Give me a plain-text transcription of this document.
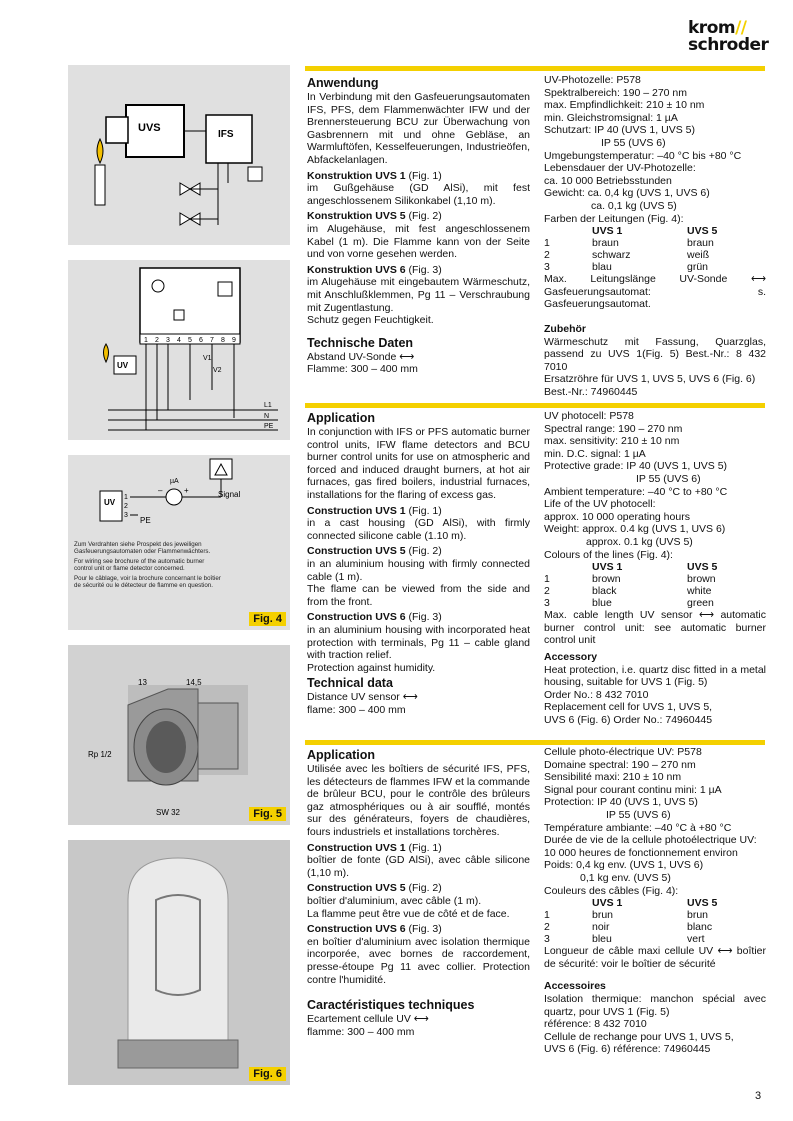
krom//
schroder
UVS
IFS
1 2 3 4 5 6 7 8 9
UV
V1
V2
L1
N
PE
Signal
UV
1
2
3
µA
–	+
PE

Zum Verdrahten siehe Prospekt des jeweiligen Gasfeuerungsautomaten oder Flammenwächters.

For wiring see brochure of the automatic burner control unit or flame detector concerned.

Pour le câblage, voir la brochure concernant le boîtier de sécurité ou le détecteur de flamme en question.

Fig. 4
13	14,5
Rp 1/2
SW 32	Fig. 5
Fig. 6

Anwendung

In Verbindung mit den Gasfeuerungsautomaten IFS, PFS, dem Flammenwächter IFW und der Brennersteuerung BCU zur Überwachung von Gasbrennern mit und ohne Gebläse, an Warmluftöfen, Kesselfeuerungen, Industrieöfen, Abfackelanlagen.

Konstruktion UVS 1 (Fig. 1)

im Gußgehäuse (GD AlSi), mit fest angeschlossenem Silikonkabel (1,10 m).

Konstruktion UVS 5 (Fig. 2)

im Alugehäuse, mit fest angeschlossenem Kabel (1 m). Die Flamme kann von der Seite und von vorne gesehen werden.

Konstruktion UVS 6 (Fig. 3)

im Alugehäuse mit eingebautem Wärmeschutz, mit Anschlußklemmen, Pg 11 – Verschraubung mit Zugentlastung.

Schutz gegen Feuchtigkeit.

Technische Daten

Abstand UV-Sonde ⟷

Flamme: 300 – 400 mm

UV-Photozelle: P578

Spektralbereich: 190 – 270 nm

max. Empfindlichkeit: 210 ± 10 nm

min. Gleichstromsignal: 1 µA

Schutzart: IP 40 (UVS 1, UVS 5)

IP 55 (UVS 6)

Umgebungstemperatur: –40 °C bis +80 °C

Lebensdauer der UV-Photozelle:

ca. 10 000 Betriebsstunden

Gewicht: ca. 0,4 kg (UVS 1, UVS 6)

ca. 0,1 kg (UVS 5)

Farben der Leitungen (Fig. 4):

	UVS 1	UVS 5
1	braun	braun
2	schwarz	weiß
3	blau	grün

Max. Leitungslänge UV-Sonde ⟷ Gasfeuerungsautomat: s. Gasfeuerungsautomat.

Zubehör

Wärmeschutz mit Fassung, Quarzglas, passend zu UVS 1(Fig. 5) Best.-Nr.: 8 432 7010

Ersatzröhre für UVS 1, UVS 5, UVS 6 (Fig. 6)

Best.-Nr.: 74960445

Application

In conjunction with IFS or PFS automatic burner control units, IFW flame detectors and BCU burner control units for use on atmospheric and forced and induced draught burners, at hot air furnaces, gas fired boilers, industrial furnaces, installations for the flaring of excess gas.

Construction UVS 1 (Fig. 1)

in a cast housing (GD AlSi), with firmly connected silicone cable (1.10 m).

Construction UVS 5 (Fig. 2)

in an aluminium housing with firmly connected cable (1 m).

The flame can be viewed from the side and from the front.

Construction UVS 6 (Fig. 3)

in an aluminium housing with incorporated heat protection with terminals, Pg 11 – cable gland with traction relief.

Protection against humidity.

Technical data

Distance UV sensor ⟷

flame: 300 – 400 mm

UV photocell: P578

Spectral range: 190 – 270 nm

max. sensitivity: 210 ± 10 nm

min. D.C. signal: 1 µA

Protective grade: IP 40 (UVS 1, UVS 5)

IP 55 (UVS 6)

Ambient temperature: –40 °C to +80 °C

Life of the UV photocell:

approx. 10 000 operating hours

Weight: approx. 0.4 kg (UVS 1, UVS 6)

approx. 0.1 kg (UVS 5)

Colours of the lines (Fig. 4):

	UVS 1	UVS 5
1	brown	brown
2	black	white
3	blue	green

Max. cable length UV sensor ⟷ automatic burner control unit: see automatic burner control unit

Accessory

Heat protection, i.e. quartz disc fitted in a metal housing, suitable for UVS 1 (Fig. 5)

Order No.: 8 432 7010

Replacement cell for UVS 1, UVS 5,

UVS 6 (Fig. 6) Order No.: 74960445

Application

Utilisée avec les boîtiers de sécurité IFS, PFS, les détecteurs de flammes IFW et la commande de brûleur BCU, pour le contrôle des brûleurs gaz atmosphériques ou à air soufflé, montés sur des générateurs, foyers de chaudières, fours industriels et installations torchères.

Construction UVS 1 (Fig. 1)

boîtier de fonte (GD AlSi), avec câble silicone (1,10 m).

Construction UVS 5 (Fig. 2)

boîtier d'aluminium, avec câble (1 m).

La flamme peut être vue de côté et de face.

Construction UVS 6 (Fig. 3)

en boîtier d'aluminium avec isolation thermique incorporée, avec bornes de raccordement, presse-étoupe Pg 11 avec collier. Protection contre l'humidité.

Caractéristiques techniques

Ecartement cellule UV ⟷

flamme: 300 – 400 mm

Cellule photo-électrique UV: P578

Domaine spectral: 190 – 270 nm

Sensibilité maxi: 210 ± 10 nm

Signal pour courant continu mini: 1 µA

Protection: IP 40 (UVS 1, UVS 5)

IP 55 (UVS 6)

Température ambiante: –40 °C à +80 °C

Durée de vie de la cellule photoélectrique UV:

10 000 heures de fonctionnement environ

Poids: 0,4 kg env. (UVS 1, UVS 6)

0,1 kg env. (UVS 5)

Couleurs des câbles (Fig. 4):

	UVS 1	UVS 5
1	brun	brun
2	noir	blanc
3	bleu	vert

Longueur de câble maxi cellule UV ⟷ boîtier de sécurité: voir le boîtier de sécurité

Accessoires

Isolation thermique: manchon spécial avec quartz, pour UVS 1 (Fig. 5)

référence: 8 432 7010

Cellule de rechange pour UVS 1, UVS 5,

UVS 6 (Fig. 6) référence: 74960445

3
